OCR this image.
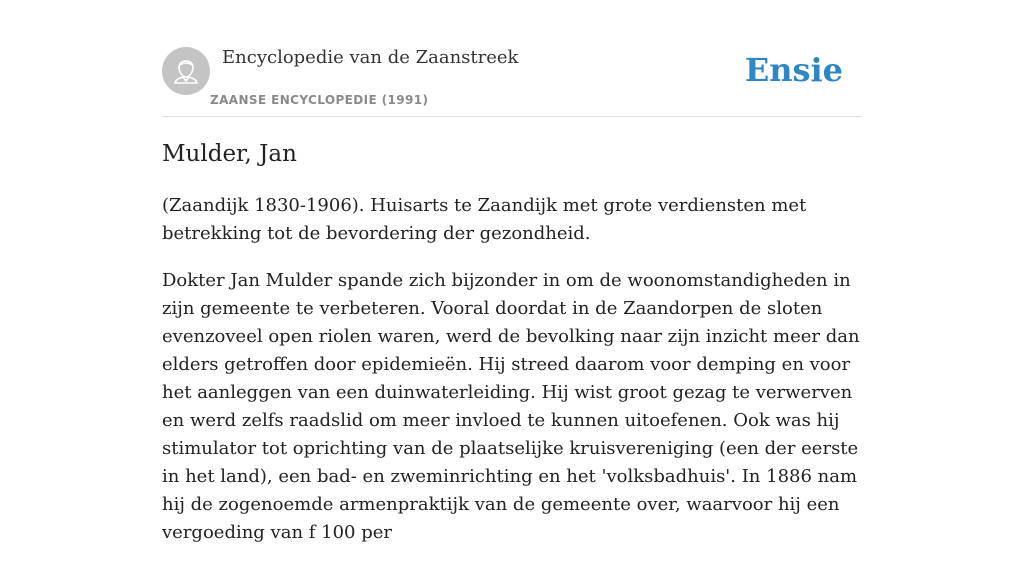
Encyclopedie van de Zaanstreek
ZAANSE ENCYCLOPEDIE (1991)
Ensie
Mulder, Jan

(Zaandijk 1830-1906). Huisarts te Zaandijk met grote verdiensten met betrekking tot de bevordering der gezondheid.

Dokter Jan Mulder spande zich bijzonder in om de woonomstandigheden in zijn gemeente te verbeteren. Vooral doordat in de Zaandorpen de sloten evenzoveel open riolen waren, werd de bevolking naar zijn inzicht meer dan elders getroffen door epidemieën. Hij streed daarom voor demping en voor het aanleggen van een duinwaterleiding. Hij wist groot gezag te verwerven en werd zelfs raadslid om meer invloed te kunnen uitoefenen. Ook was hij stimulator tot oprichting van de plaatselijke kruisvereniging (een der eerste in het land), een bad- en zweminrichting en het 'volksbadhuis'. In 1886 nam hij de zogenoemde armenpraktijk van de gemeente over, waarvoor hij een vergoeding van f 100 per
